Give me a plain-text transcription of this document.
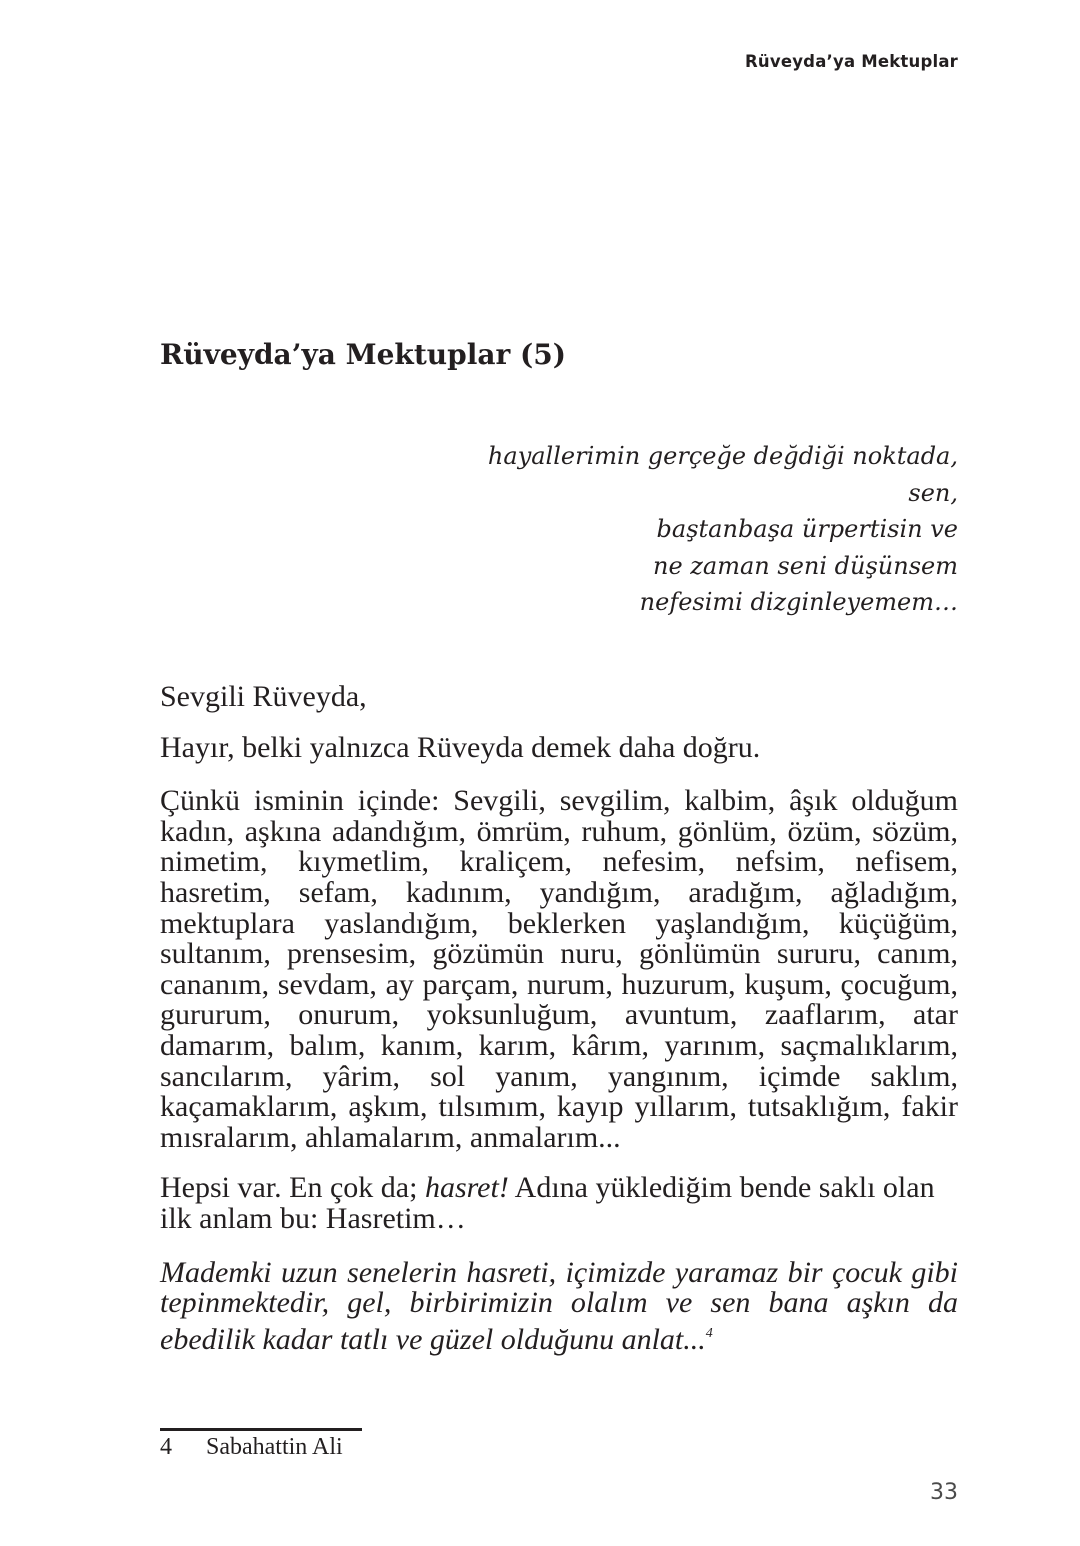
Rüveyda’ya Mektuplar
Rüveyda’ya Mektuplar (5)
hayallerimin gerçeğe değdiği noktada,
sen,
baştanbaşa ürpertisin ve
ne zaman seni düşünsem
nefesimi dizginleyemem…

Sevgili Rüveyda,

Hayır, belki yalnızca Rüveyda demek daha doğru.

Çünkü isminin içinde: Sevgili, sevgilim, kalbim, âşık olduğum kadın, aşkına adandığım, ömrüm, ruhum, gönlüm, özüm, sözüm, nimetim, kıymetlim, kraliçem, nefesim, nefsim, nefisem, hasretim, sefam, kadınım, yandığım, aradığım, ağladığım, mektuplara yaslandığım, beklerken yaşlandığım, küçüğüm, sultanım, prensesim, gözümün nuru, gönlümün sururu, canım, cananım, sevdam, ay parçam, nurum, huzurum, kuşum, çocuğum, gururum, onurum, yoksunluğum, avuntum, zaaflarım, atar damarım, balım, kanım, karım, kârım, yarınım, saçmalıklarım, sancılarım, yârim, sol yanım, yangınım, içimde saklım, kaçamaklarım, aşkım, tılsımım, kayıp yıllarım, tutsaklığım, fakir mısralarım, ahlamalarım, anmalarım...

Hepsi var. En çok da; hasret! Adına yüklediğim bende saklı olan ilk anlam bu: Hasretim…

Mademki uzun senelerin hasreti, içimizde yaramaz bir çocuk gibi tepinmektedir, gel, birbirimizin olalım ve sen bana aşkın da ebedilik kadar tatlı ve güzel olduğunu anlat...$^4$

4 Sabahattin Ali
33
